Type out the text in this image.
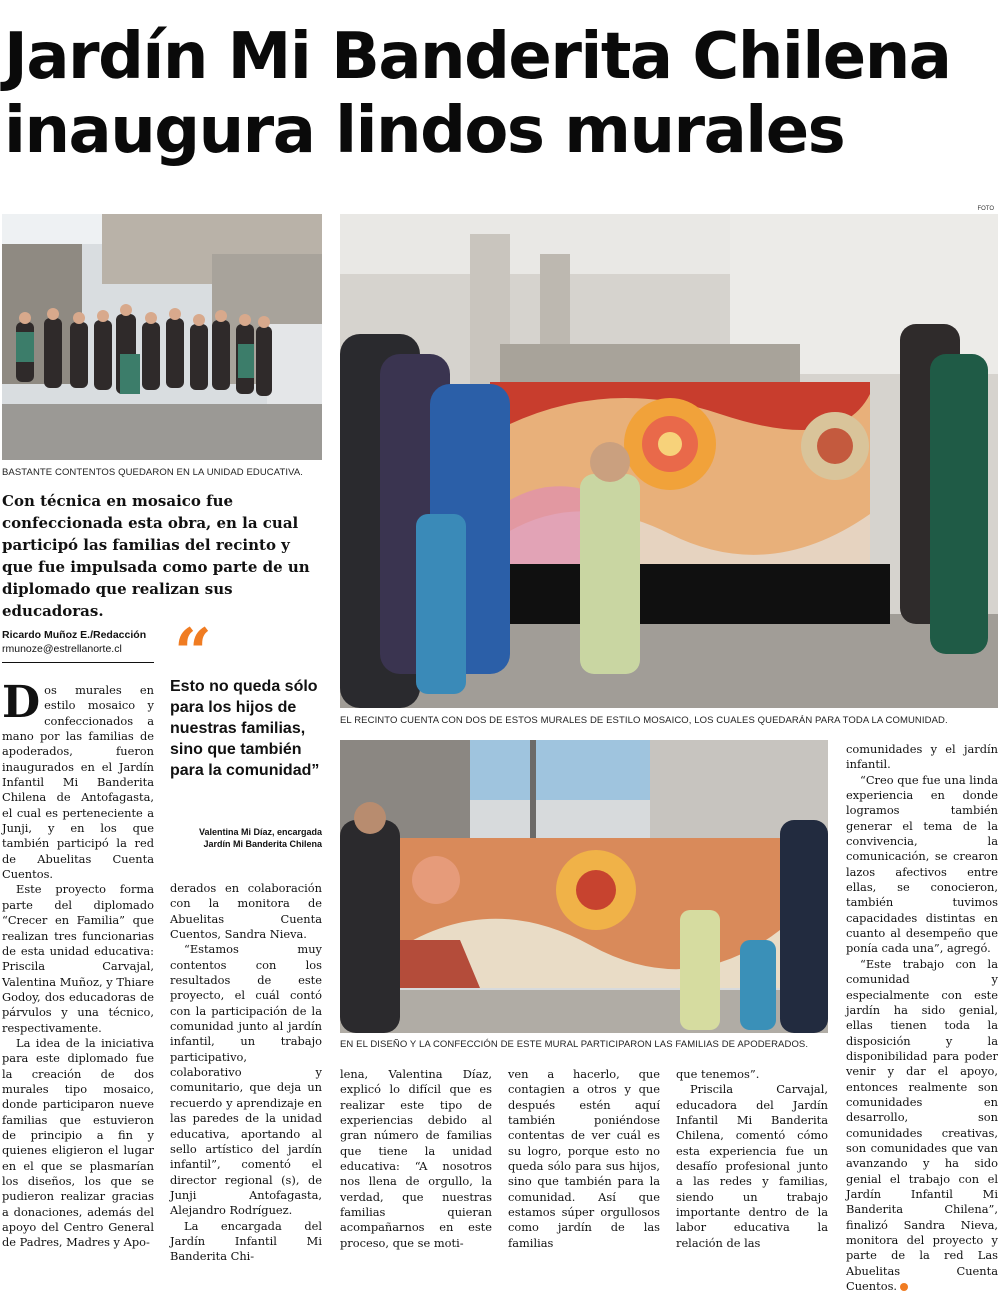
Jardín Mi Banderita Chilena
inaugura lindos murales
FOTO
BASTANTE CONTENTOS QUEDARON EN LA UNIDAD EDUCATIVA.
EL RECINTO CUENTA CON DOS DE ESTOS MURALES DE ESTILO MOSAICO, LOS CUALES QUEDARÁN PARA TODA LA COMUNIDAD.
EN EL DISEÑO Y LA CONFECCIÓN DE ESTE MURAL PARTICIPARON LAS FAMILIAS DE APODERADOS.
Con técnica en mosaico fue confeccionada esta obra, en la cual participó las familias del recinto y que fue impulsada como parte de un diplomado que realizan sus educadoras.
Ricardo Muñoz E./Redacción
rmunoze@estrellanorte.cl “
Esto no queda sólo para los hijos de nuestras familias, sino que también para la comunidad”
Valentina Mi Díaz, encargada
Jardín Mi Banderita Chilena

Dos murales en estilo mosaico y confeccionados a mano por las familias de apoderados, fueron inaugurados en el Jardín Infantil Mi Banderita Chilena de Antofagasta, el cual es perteneciente a Junji, y en los que también participó la red de Abuelitas Cuenta Cuentos.

Este proyecto forma parte del diplomado “Crecer en Familia” que realizan tres funcionarias de esta unidad educativa: Priscila Carvajal, Valentina Muñoz, y Thiare Godoy, dos educadoras de párvulos y una técnico, respectivamente.

La idea de la iniciativa para este diplomado fue la creación de dos murales tipo mosaico, donde participaron nueve familias que estuvieron de principio a fin y quienes eligieron el lugar en el que se plasmarían los diseños, los que se pudieron realizar gracias a donaciones, además del apoyo del Centro General de Padres, Madres y Apo-

derados en colaboración con la monitora de Abuelitas Cuenta Cuentos, Sandra Nieva.

“Estamos muy contentos con los resultados de este proyecto, el cuál contó con la participación de la comunidad junto al jardín infantil, un trabajo participativo, colaborativo y comunitario, que deja un recuerdo y aprendizaje en las paredes de la unidad educativa, aportando al sello artístico del jardín infantil”, comentó el director regional (s), de Junji Antofagasta, Alejandro Rodríguez.

La encargada del Jardín Infantil Mi Banderita Chi-

lena, Valentina Díaz, explicó lo difícil que es realizar este tipo de experiencias debido al gran número de familias que tiene la unidad educativa: “A nosotros nos llena de orgullo, la verdad, que nuestras familias quieran acompañarnos en este proceso, que se moti-

ven a hacerlo, que contagien a otros y que después estén aquí también poniéndose contentas de ver cuál es su logro, porque esto no queda sólo para sus hijos, sino que también para la comunidad. Así que estamos súper orgullosos como jardín de las familias

que tenemos”.

Priscila Carvajal, educadora del Jardín Infantil Mi Banderita Chilena, comentó cómo esta experiencia fue un desafío profesional junto a las redes y familias, siendo un trabajo importante dentro de la labor educativa la relación de las

comunidades y el jardín infantil.

“Creo que fue una linda experiencia en donde logramos también generar el tema de la convivencia, la comunicación, se crearon lazos afectivos entre ellas, se conocieron, también tuvimos capacidades distintas en cuanto al desempeño que ponía cada una”, agregó.

“Este trabajo con la comunidad y especialmente con este jardín ha sido genial, ellas tienen toda la disposición y la disponibilidad para poder venir y dar el apoyo, entonces realmente son comunidades en desarrollo, son comunidades creativas, son comunidades que van avanzando y ha sido genial el trabajo con el Jardín Infantil Mi Banderita Chilena”, finalizó Sandra Nieva, monitora del proyecto y parte de la red Las Abuelitas Cuenta Cuentos.
